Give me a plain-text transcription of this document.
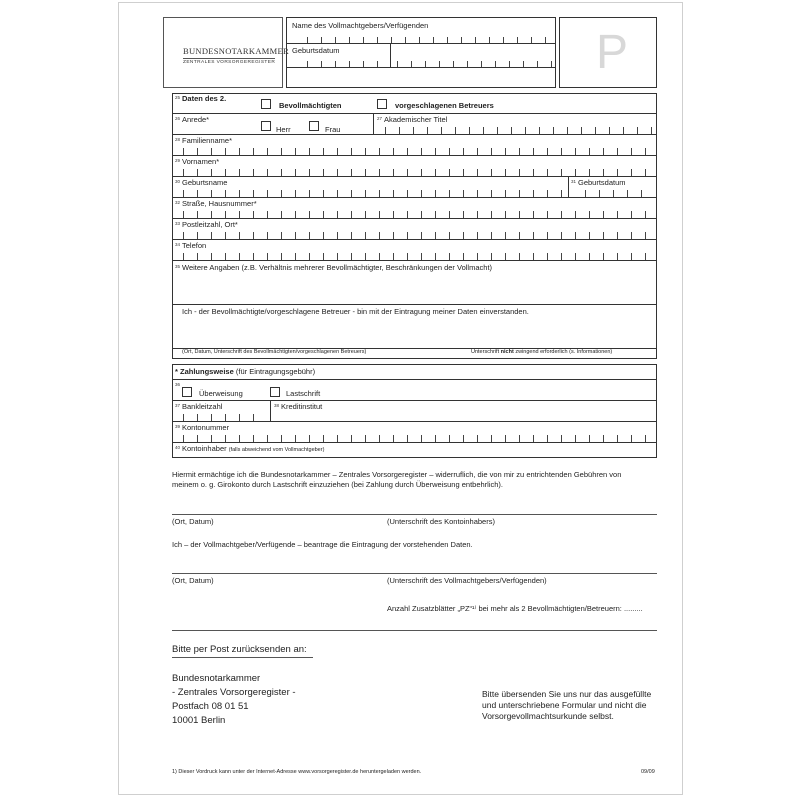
BUNDESNOTARKAMMER
ZENTRALES VORSORGEREGISTER
Name des Vollmachtgebers/Verfügenden
Geburtsdatum	P
25 Daten des 2.
Bevollmächtigten	vorgeschlagenen Betreuers
26 Anrede*
Herr	Frau
27 Akademischer Titel
28 Familienname*
29 Vornamen*
30 Geburtsname	31 Geburtsdatum
32 Straße, Hausnummer*
33 Postleitzahl, Ort*
34 Telefon
35 Weitere Angaben (z.B. Verhältnis mehrerer Bevollmächtigter, Beschränkungen der Vollmacht)
Ich - der Bevollmächtigte/vorgeschlagene Betreuer - bin mit der Eintragung meiner Daten einverstanden.
(Ort, Datum, Unterschrift des Bevollmächtigten/vorgeschlagenen Betreuers)	Unterschrift nicht zwingend erforderlich (s. Informationen)
* Zahlungsweise (für Eintragungsgebühr)
36
Überweisung	Lastschrift
37 Bankleitzahl	38 Kreditinstitut
39 Kontonummer
40 Kontoinhaber (falls abweichend vom Vollmachtgeber)
Hiermit ermächtige ich die Bundesnotarkammer – Zentrales Vorsorgeregister – widerruflich, die von mir zu entrichtenden Gebühren von
meinem o. g. Girokonto durch Lastschrift einzuziehen (bei Zahlung durch Überweisung entbehrlich).
(Ort, Datum)	(Unterschrift des Kontoinhabers)
Ich – der Vollmachtgeber/Verfügende – beantrage die Eintragung der vorstehenden Daten.
(Ort, Datum)	(Unterschrift des Vollmachtgebers/Verfügenden)
Anzahl Zusatzblätter „PZ“¹⁾ bei mehr als 2 Bevollmächtigten/Betreuern: .........
Bitte per Post zurücksenden an:
Bundesnotarkammer
- Zentrales Vorsorgeregister -
Postfach 08 01 51
10001 Berlin
Bitte übersenden Sie uns nur das ausgefüllte
und unterschriebene Formular und nicht die
Vorsorgevollmachtsurkunde selbst.
1) Dieser Vordruck kann unter der Internet-Adresse www.vorsorgeregister.de heruntergeladen werden.	09/09
